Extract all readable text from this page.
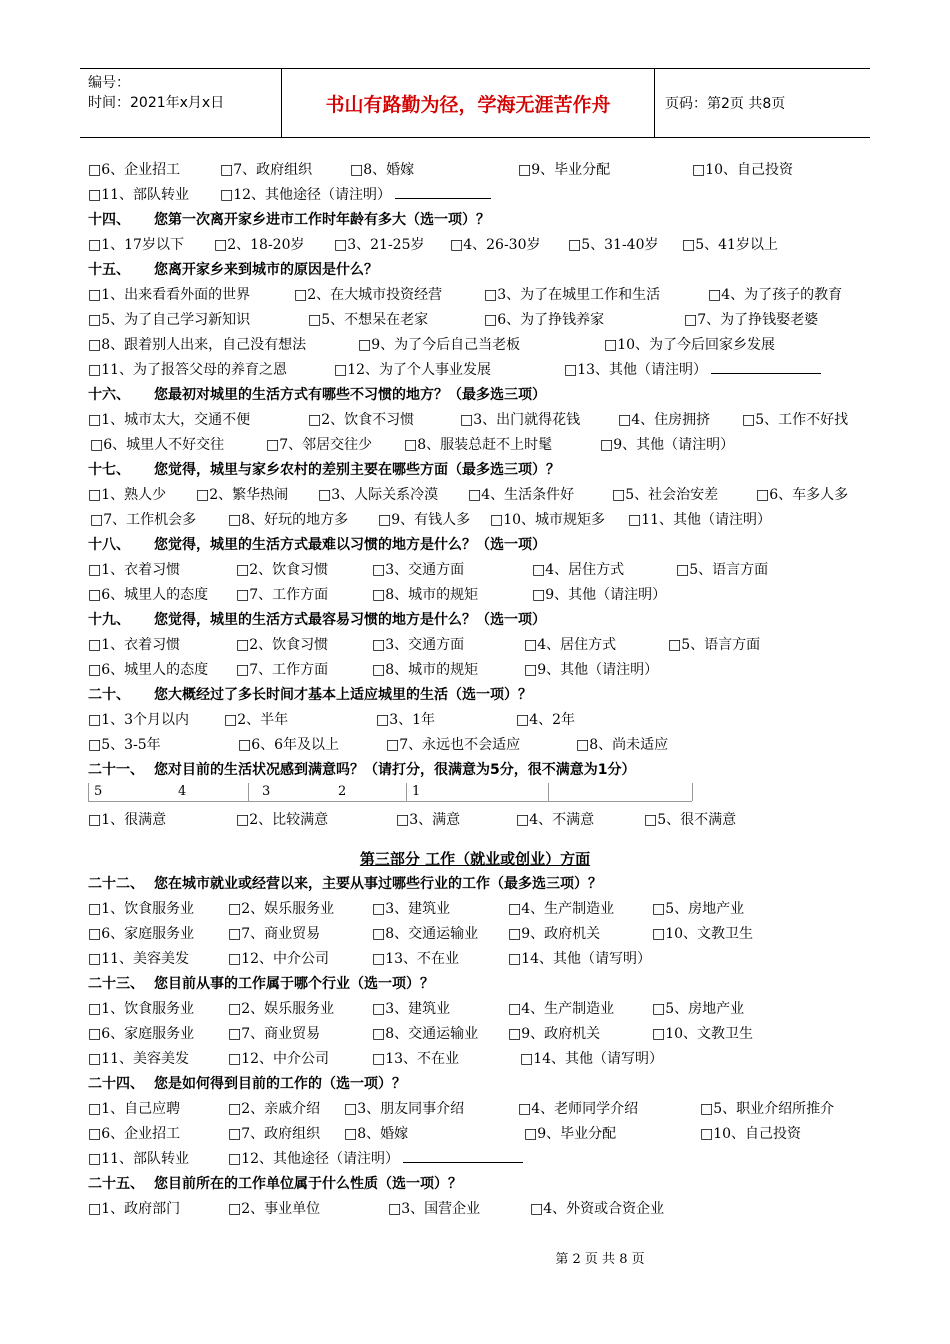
编号：
时间：2021年x月x日	书山有路勤为径，学海无涯苦作舟	页码：第2页 共8页
□6、企业招工	□7、政府组织	□8、婚嫁	□9、毕业分配	□10、自己投资
□11、部队转业 □12、其他途径（请注明）
十四、 您第一次离开家乡进市工作时年龄有多大（选一项）？
□1、17岁以下 □2、18-20岁 □3、21-25岁 □4、26-30岁 □5、31-40岁 □5、41岁以上
十五、 您离开家乡来到城市的原因是什么？
□1、出来看看外面的世界	□2、在大城市投资经营	□3、为了在城里工作和生活	□4、为了孩子的教育
□5、为了自己学习新知识	□5、不想呆在老家	□6、为了挣钱养家	□7、为了挣钱娶老婆
□8、跟着别人出来，自己没有想法	□9、为了今后自己当老板	□10、为了今后回家乡发展
□11、为了报答父母的养育之恩	□12、为了个人事业发展	□13、其他（请注明）
十六、 您最初对城里的生活方式有哪些不习惯的地方？（最多选三项）
□1、城市太大，交通不便	□2、饮食不习惯	□3、出门就得花钱	□4、住房拥挤 □5、工作不好找
□6、城里人不好交往	□7、邻居交往少 □8、服装总赶不上时髦	□9、其他（请注明）
十七、 您觉得，城里与家乡农村的差别主要在哪些方面（最多选三项）？
□1、熟人少 □2、繁华热闹 □3、人际关系冷漠 □4、生活条件好	□5、社会治安差	□6、车多人多
□7、工作机会多 □8、好玩的地方多 □9、有钱人多 □10、城市规矩多 □11、其他（请注明）
十八、 您觉得，城里的生活方式最难以习惯的地方是什么？（选一项）
□1、衣着习惯	□2、饮食习惯	□3、交通方面	□4、居住方式	□5、语言方面
□6、城里人的态度 □7、工作方面	□8、城市的规矩	□9、其他（请注明）
十九、 您觉得，城里的生活方式最容易习惯的地方是什么？（选一项）
□1、衣着习惯	□2、饮食习惯	□3、交通方面	□4、居住方式	□5、语言方面
□6、城里人的态度 □7、工作方面	□8、城市的规矩	□9、其他（请注明）
二十、 您大概经过了多长时间才基本上适应城里的生活（选一项）？
□1、3个月以内 □2、半年	□3、1年	□4、2年
□5、3-5年	□6、6年及以上	□7、永远也不会适应	□8、尚未适应
二十一、 您对目前的生活状况感到满意吗？（请打分，很满意为5分，很不满意为1分）
5	4	3	2	1
□1、很满意	□2、比较满意	□3、满意	□4、不满意	□5、很不满意
第三部分 工作（就业或创业）方面
二十二、 您在城市就业或经营以来，主要从事过哪些行业的工作（最多选三项）？
□1、饮食服务业 □2、娱乐服务业	□3、建筑业	□4、生产制造业	□5、房地产业
□6、家庭服务业 □7、商业贸易	□8、交通运输业 □9、政府机关	□10、文教卫生
□11、美容美发	□12、中介公司	□13、不在业	□14、其他（请写明）
二十三、 您目前从事的工作属于哪个行业（选一项）？
□1、饮食服务业 □2、娱乐服务业	□3、建筑业	□4、生产制造业	□5、房地产业
□6、家庭服务业 □7、商业贸易	□8、交通运输业 □9、政府机关	□10、文教卫生
□11、美容美发	□12、中介公司	□13、不在业	□14、其他（请写明）
二十四、 您是如何得到目前的工作的（选一项）？
□1、自己应聘	□2、亲戚介绍 □3、朋友同事介绍	□4、老师同学介绍	□5、职业介绍所推介
□6、企业招工	□7、政府组织 □8、婚嫁	□9、毕业分配	□10、自己投资
□11、部队转业	□12、其他途径（请注明）
二十五、 您目前所在的工作单位属于什么性质（选一项）？
□1、政府部门	□2、事业单位	□3、国营企业	□4、外资或合资企业
第 2 页 共 8 页
